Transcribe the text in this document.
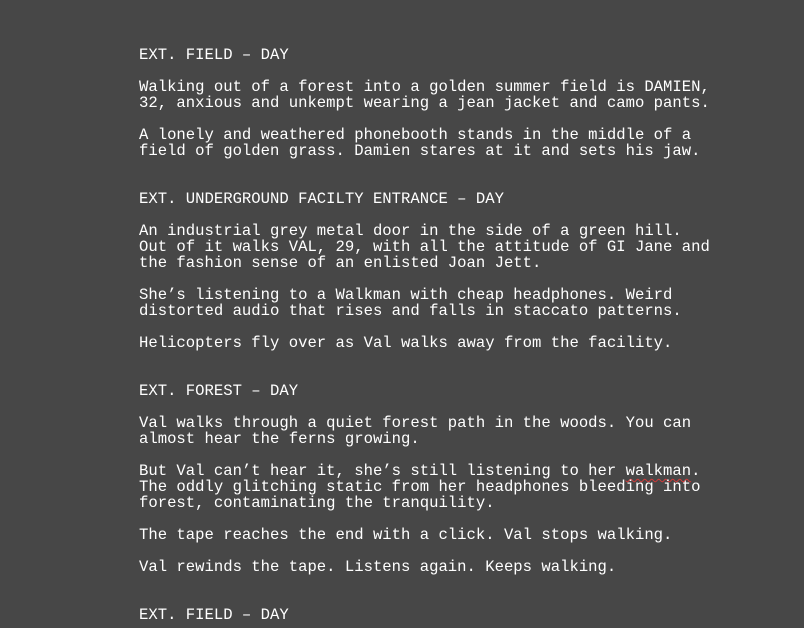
EXT. FIELD – DAY

Walking out of a forest into a golden summer field is DAMIEN,
32, anxious and unkempt wearing a jean jacket and camo pants.

A lonely and weathered phonebooth stands in the middle of a
field of golden grass. Damien stares at it and sets his jaw.

EXT. UNDERGROUND FACILTY ENTRANCE – DAY

An industrial grey metal door in the side of a green hill.
Out of it walks VAL, 29, with all the attitude of GI Jane and
the fashion sense of an enlisted Joan Jett.

She’s listening to a Walkman with cheap headphones. Weird
distorted audio that rises and falls in staccato patterns.

Helicopters fly over as Val walks away from the facility.

EXT. FOREST – DAY

Val walks through a quiet forest path in the woods. You can
almost hear the ferns growing.

But Val can’t hear it, she’s still listening to her walkman.
The oddly glitching static from her headphones bleeding into
forest, contaminating the tranquility.

The tape reaches the end with a click. Val stops walking.

Val rewinds the tape. Listens again. Keeps walking.

EXT. FIELD – DAY
